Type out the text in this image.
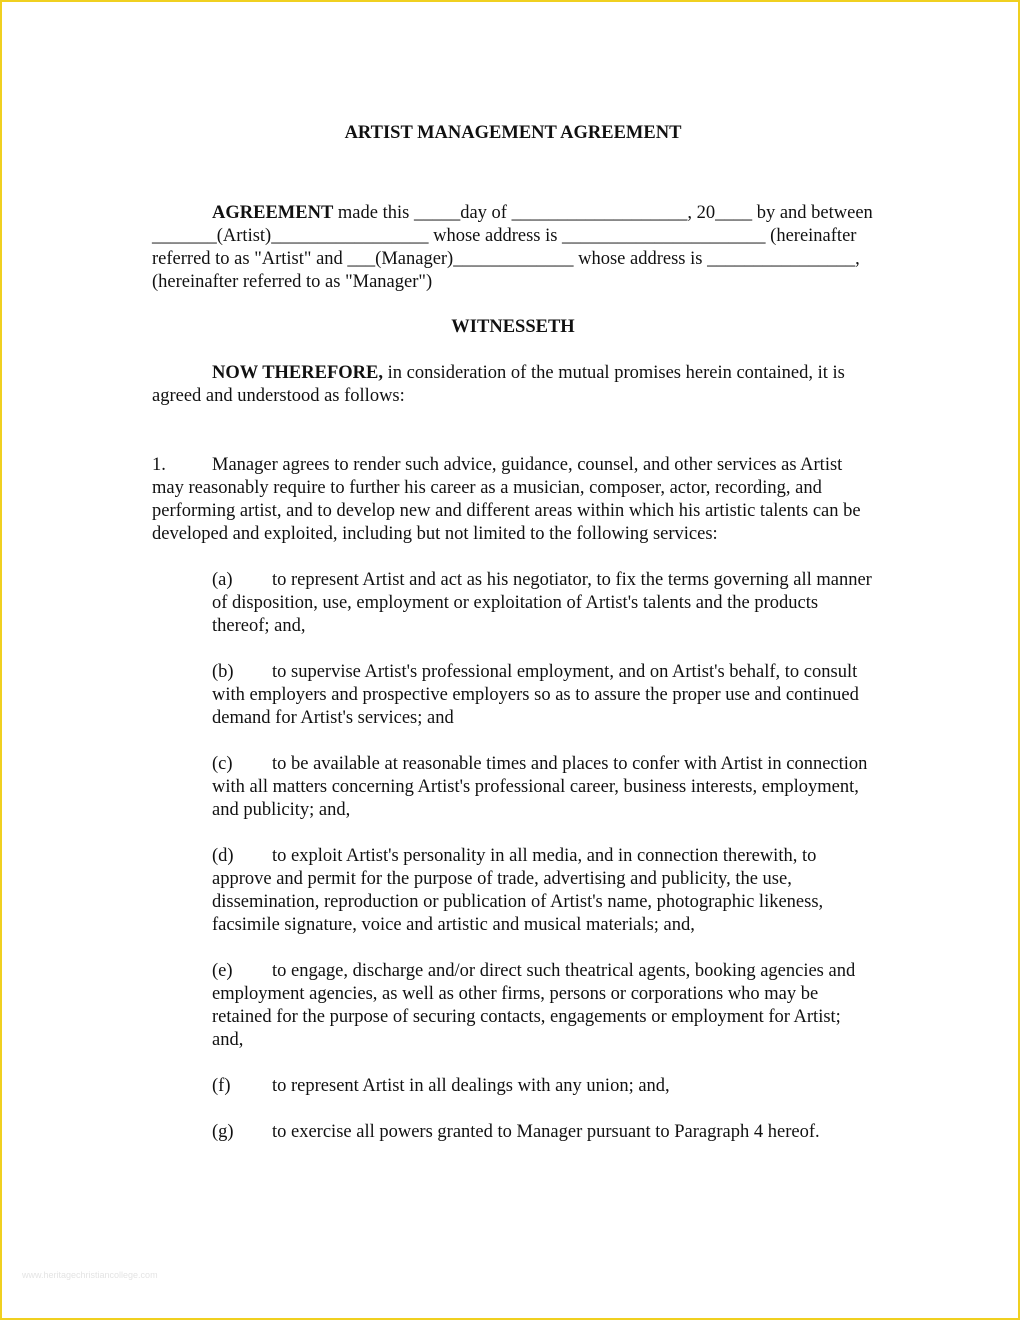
ARTIST MANAGEMENT AGREEMENT

AGREEMENT made this _____day of ___________________, 20____ by and between _______(Artist)_________________ whose address is ______________________ (hereinafter referred to as "Artist" and ___(Manager)_____________ whose address is ________________, (hereinafter referred to as "Manager")

WITNESSETH

NOW THEREFORE, in consideration of the mutual promises herein contained, it is agreed and understood as follows:

1. Manager agrees to render such advice, guidance, counsel, and other services as Artist may reasonably require to further his career as a musician, composer, actor, recording, and performing artist, and to develop new and different areas within which his artistic talents can be developed and exploited, including but not limited to the following services:

(a) to represent Artist and act as his negotiator, to fix the terms governing all manner of disposition, use, employment or exploitation of Artist's talents and the products thereof; and,

(b) to supervise Artist's professional employment, and on Artist's behalf, to consult with employers and prospective employers so as to assure the proper use and continued demand for Artist's services; and

(c) to be available at reasonable times and places to confer with Artist in connection with all matters concerning Artist's professional career, business interests, employment, and publicity; and,

(d) to exploit Artist's personality in all media, and in connection therewith, to approve and permit for the purpose of trade, advertising and publicity, the use, dissemination, reproduction or publication of Artist's name, photographic likeness, facsimile signature, voice and artistic and musical materials; and,

(e) to engage, discharge and/or direct such theatrical agents, booking agencies and employment agencies, as well as other firms, persons or corporations who may be retained for the purpose of securing contacts, engagements or employment for Artist; and,

(f) to represent Artist in all dealings with any union; and,

(g) to exercise all powers granted to Manager pursuant to Paragraph 4 hereof.

www.heritagechristiancollege.com
